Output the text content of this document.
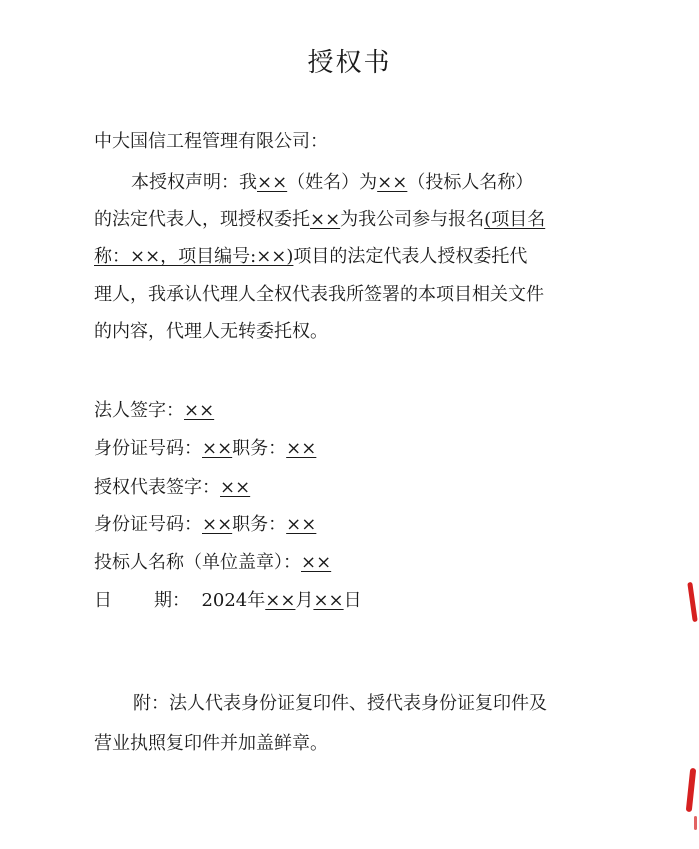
授权书
中大国信工程管理有限公司：
本授权声明：我××（姓名）为××（投标人名称）
的法定代表人，现授权委托××为我公司参与报名(项目名
称：××，项目编号:××)项目的法定代表人授权委托代
理人，我承认代理人全权代表我所签署的本项目相关文件
的内容，代理人无转委托权。
法人签字：××
身份证号码：××职务：××
授权代表签字：××
身份证号码：××职务：××
投标人名称（单位盖章）：××
日 期： 2024年××月××日
附：法人代表身份证复印件、授代表身份证复印件及
营业执照复印件并加盖鲜章。
